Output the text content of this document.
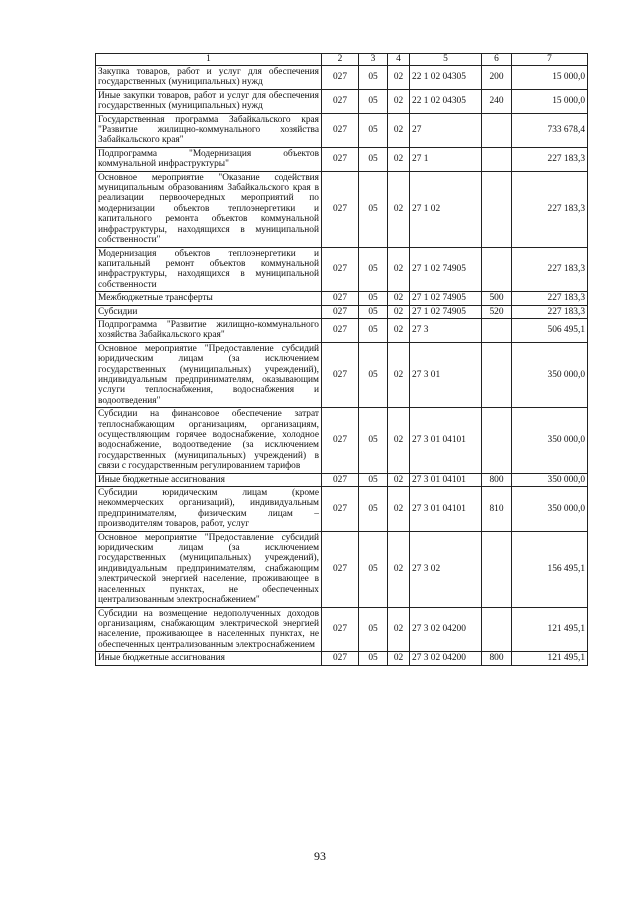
1	2	3	4	5	6	7
Закупка товаров, работ и услуг для обеспечения государственных (муниципальных) нужд	027	05	02	22 1 02 04305	200	15 000,0
Иные закупки товаров, работ и услуг для обеспечения государственных (муниципальных) нужд	027	05	02	22 1 02 04305	240	15 000,0
Государственная программа Забайкальского края "Развитие жилищно-коммунального хозяйства Забайкальского края"	027	05	02	27		733 678,4
Подпрограмма "Модернизация объектов коммунальной инфраструктуры"	027	05	02	27 1		227 183,3
Основное мероприятие "Оказание содействия муниципальным образованиям Забайкальского края в реализации первоочередных мероприятий по модернизации объектов теплоэнергетики и капитального ремонта объектов коммунальной инфраструктуры, находящихся в муниципальной собственности"	027	05	02	27 1 02		227 183,3
Модернизация объектов теплоэнергетики и капитальный ремонт объектов коммунальной инфраструктуры, находящихся в муниципальной собственности	027	05	02	27 1 02 74905		227 183,3
Межбюджетные трансферты	027	05	02	27 1 02 74905	500	227 183,3
Субсидии	027	05	02	27 1 02 74905	520	227 183,3
Подпрограмма "Развитие жилищно-коммунального хозяйства Забайкальского края"	027	05	02	27 3		506 495,1
Основное мероприятие "Предоставление субсидий юридическим лицам (за исключением государственных (муниципальных) учреждений), индивидуальным предпринимателям, оказывающим услуги теплоснабжения, водоснабжения и водоотведения"	027	05	02	27 3 01		350 000,0
Субсидии на финансовое обеспечение затрат теплоснабжающим организациям, организациям, осуществляющим горячее водоснабжение, холодное водоснабжение, водоотведение (за исключением государственных (муниципальных) учреждений) в связи с государственным регулированием тарифов	027	05	02	27 3 01 04101		350 000,0
Иные бюджетные ассигнования	027	05	02	27 3 01 04101	800	350 000,0
Субсидии юридическим лицам (кроме некоммерческих организаций), индивидуальным предпринимателям, физическим лицам – производителям товаров, работ, услуг	027	05	02	27 3 01 04101	810	350 000,0
Основное мероприятие "Предоставление субсидий юридическим лицам (за исключением государственных (муниципальных) учреждений), индивидуальным предпринимателям, снабжающим электрической энергией население, проживающее в населенных пунктах, не обеспеченных централизованным электроснабжением"	027	05	02	27 3 02		156 495,1
Субсидии на возмещение недополученных доходов организациям, снабжающим электрической энергией население, проживающее в населенных пунктах, не обеспеченных централизованным электроснабжением	027	05	02	27 3 02 04200		121 495,1
Иные бюджетные ассигнования	027	05	02	27 3 02 04200	800	121 495,1
93
